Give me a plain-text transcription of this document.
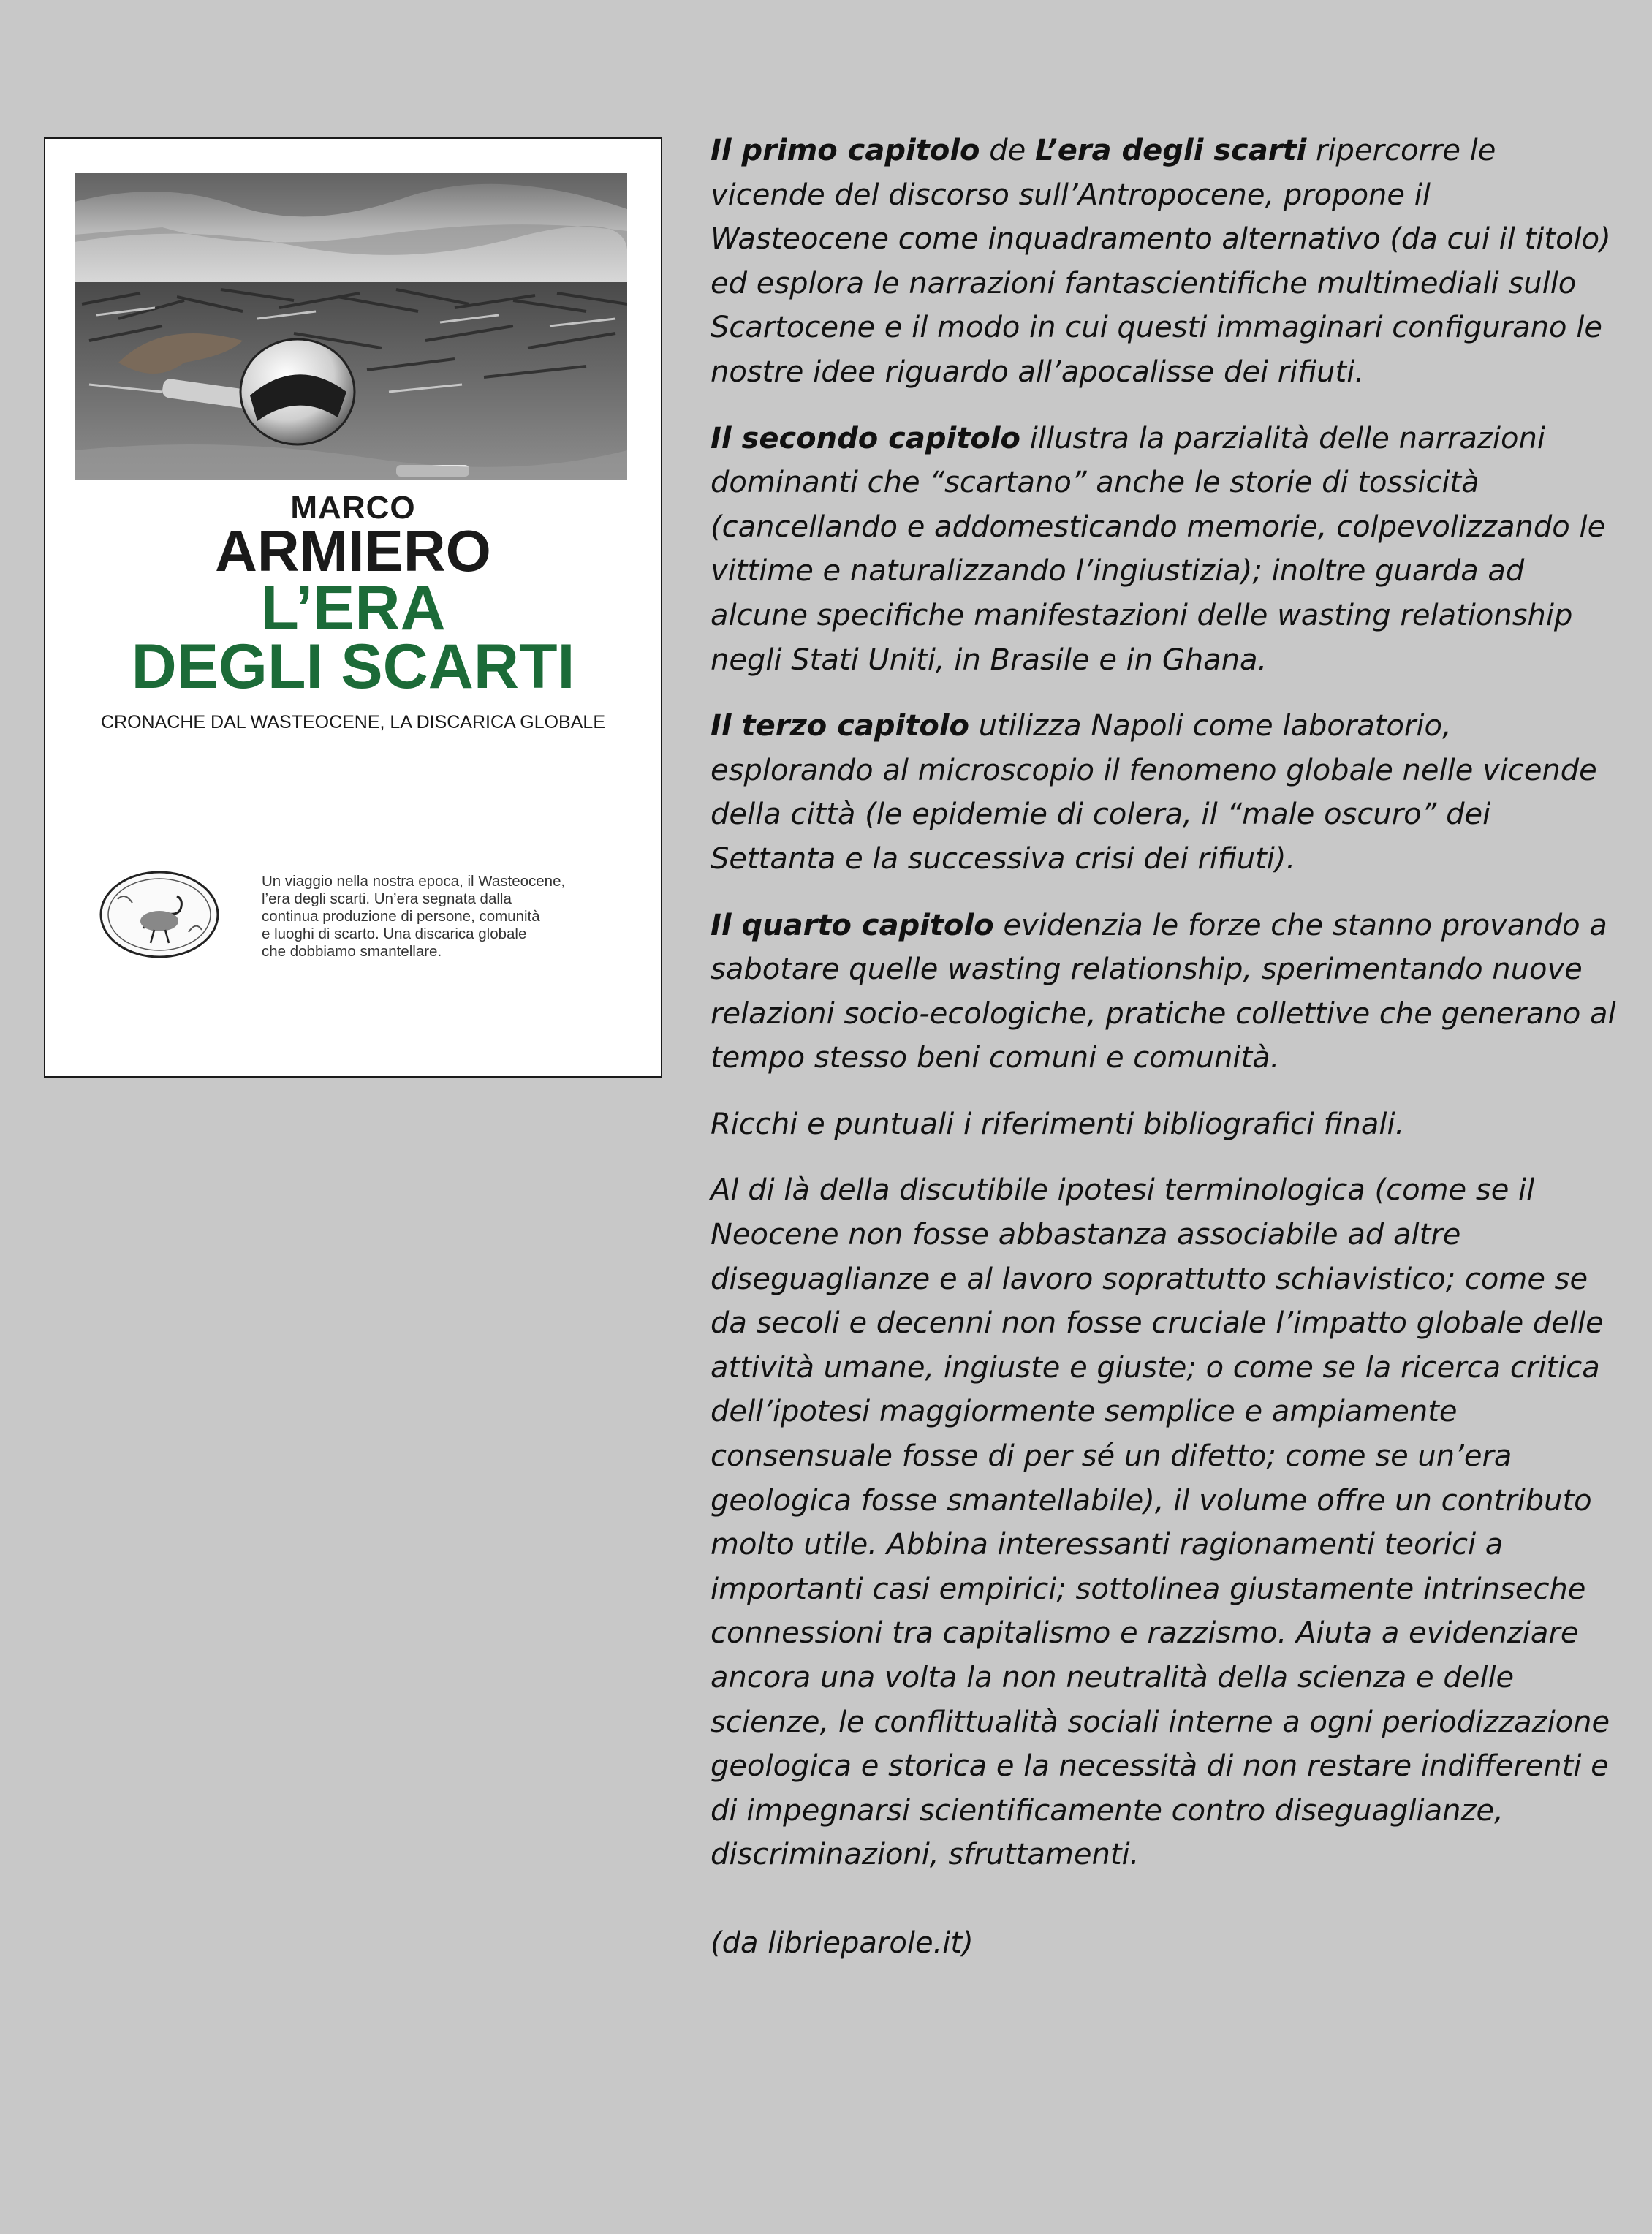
MARCO
ARMIERO
L’ERA
DEGLI SCARTI
CRONACHE DAL WASTEOCENE, LA DISCARICA GLOBALE
Un viaggio nella nostra epoca, il Wasteocene,
l’era degli scarti. Un’era segnata dalla
continua produzione di persone, comunità
e luoghi di scarto. Una discarica globale
che dobbiamo smantellare.

Il primo capitolo de L’era degli scarti ripercorre le vicende del discorso sull’Antropocene, propone il Wasteocene come inquadramento alternativo (da cui il titolo) ed esplora le narrazioni fantascientifiche multimediali sullo Scartocene e il modo in cui questi immaginari configurano le nostre idee riguardo all’apocalisse dei rifiuti.

Il secondo capitolo illustra la parzialità delle narrazioni dominanti che “scartano” anche le storie di tossicità (cancellando e addomesticando memorie, colpevolizzando le vittime e naturalizzando l’ingiustizia); inoltre guarda ad alcune specifiche manifestazioni delle wasting relationship negli Stati Uniti, in Brasile e in Ghana.

Il terzo capitolo utilizza Napoli come laboratorio, esplorando al microscopio il fenomeno globale nelle vicende della città (le epidemie di colera, il “male oscuro” dei Settanta e la successiva crisi dei rifiuti).

Il quarto capitolo evidenzia le forze che stanno provando a sabotare quelle wasting relationship, sperimentando nuove relazioni socio-ecologiche, pratiche collettive che generano al tempo stesso beni comuni e comunità.

Ricchi e puntuali i riferimenti bibliografici finali.

Al di là della discutibile ipotesi terminologica (come se il Neocene non fosse abbastanza associabile ad altre diseguaglianze e al lavoro soprattutto schiavistico; come se da secoli e decenni non fosse cruciale l’impatto globale delle attività umane, ingiuste e giuste; o come se la ricerca critica dell’ipotesi maggiormente semplice e ampiamente consensuale fosse di per sé un difetto; come se un’era geologica fosse smantellabile), il volume offre un contributo molto utile. Abbina interessanti ragionamenti teorici a importanti casi empirici; sottolinea giustamente intrinseche connessioni tra capitalismo e razzismo. Aiuta a evidenziare ancora una volta la non neutralità della scienza e delle scienze, le conflittualità sociali interne a ogni periodizzazione geologica e storica e la necessità di non restare indifferenti e di impegnarsi scientificamente contro diseguaglianze, discriminazioni, sfruttamenti.

(da librieparole.it)
